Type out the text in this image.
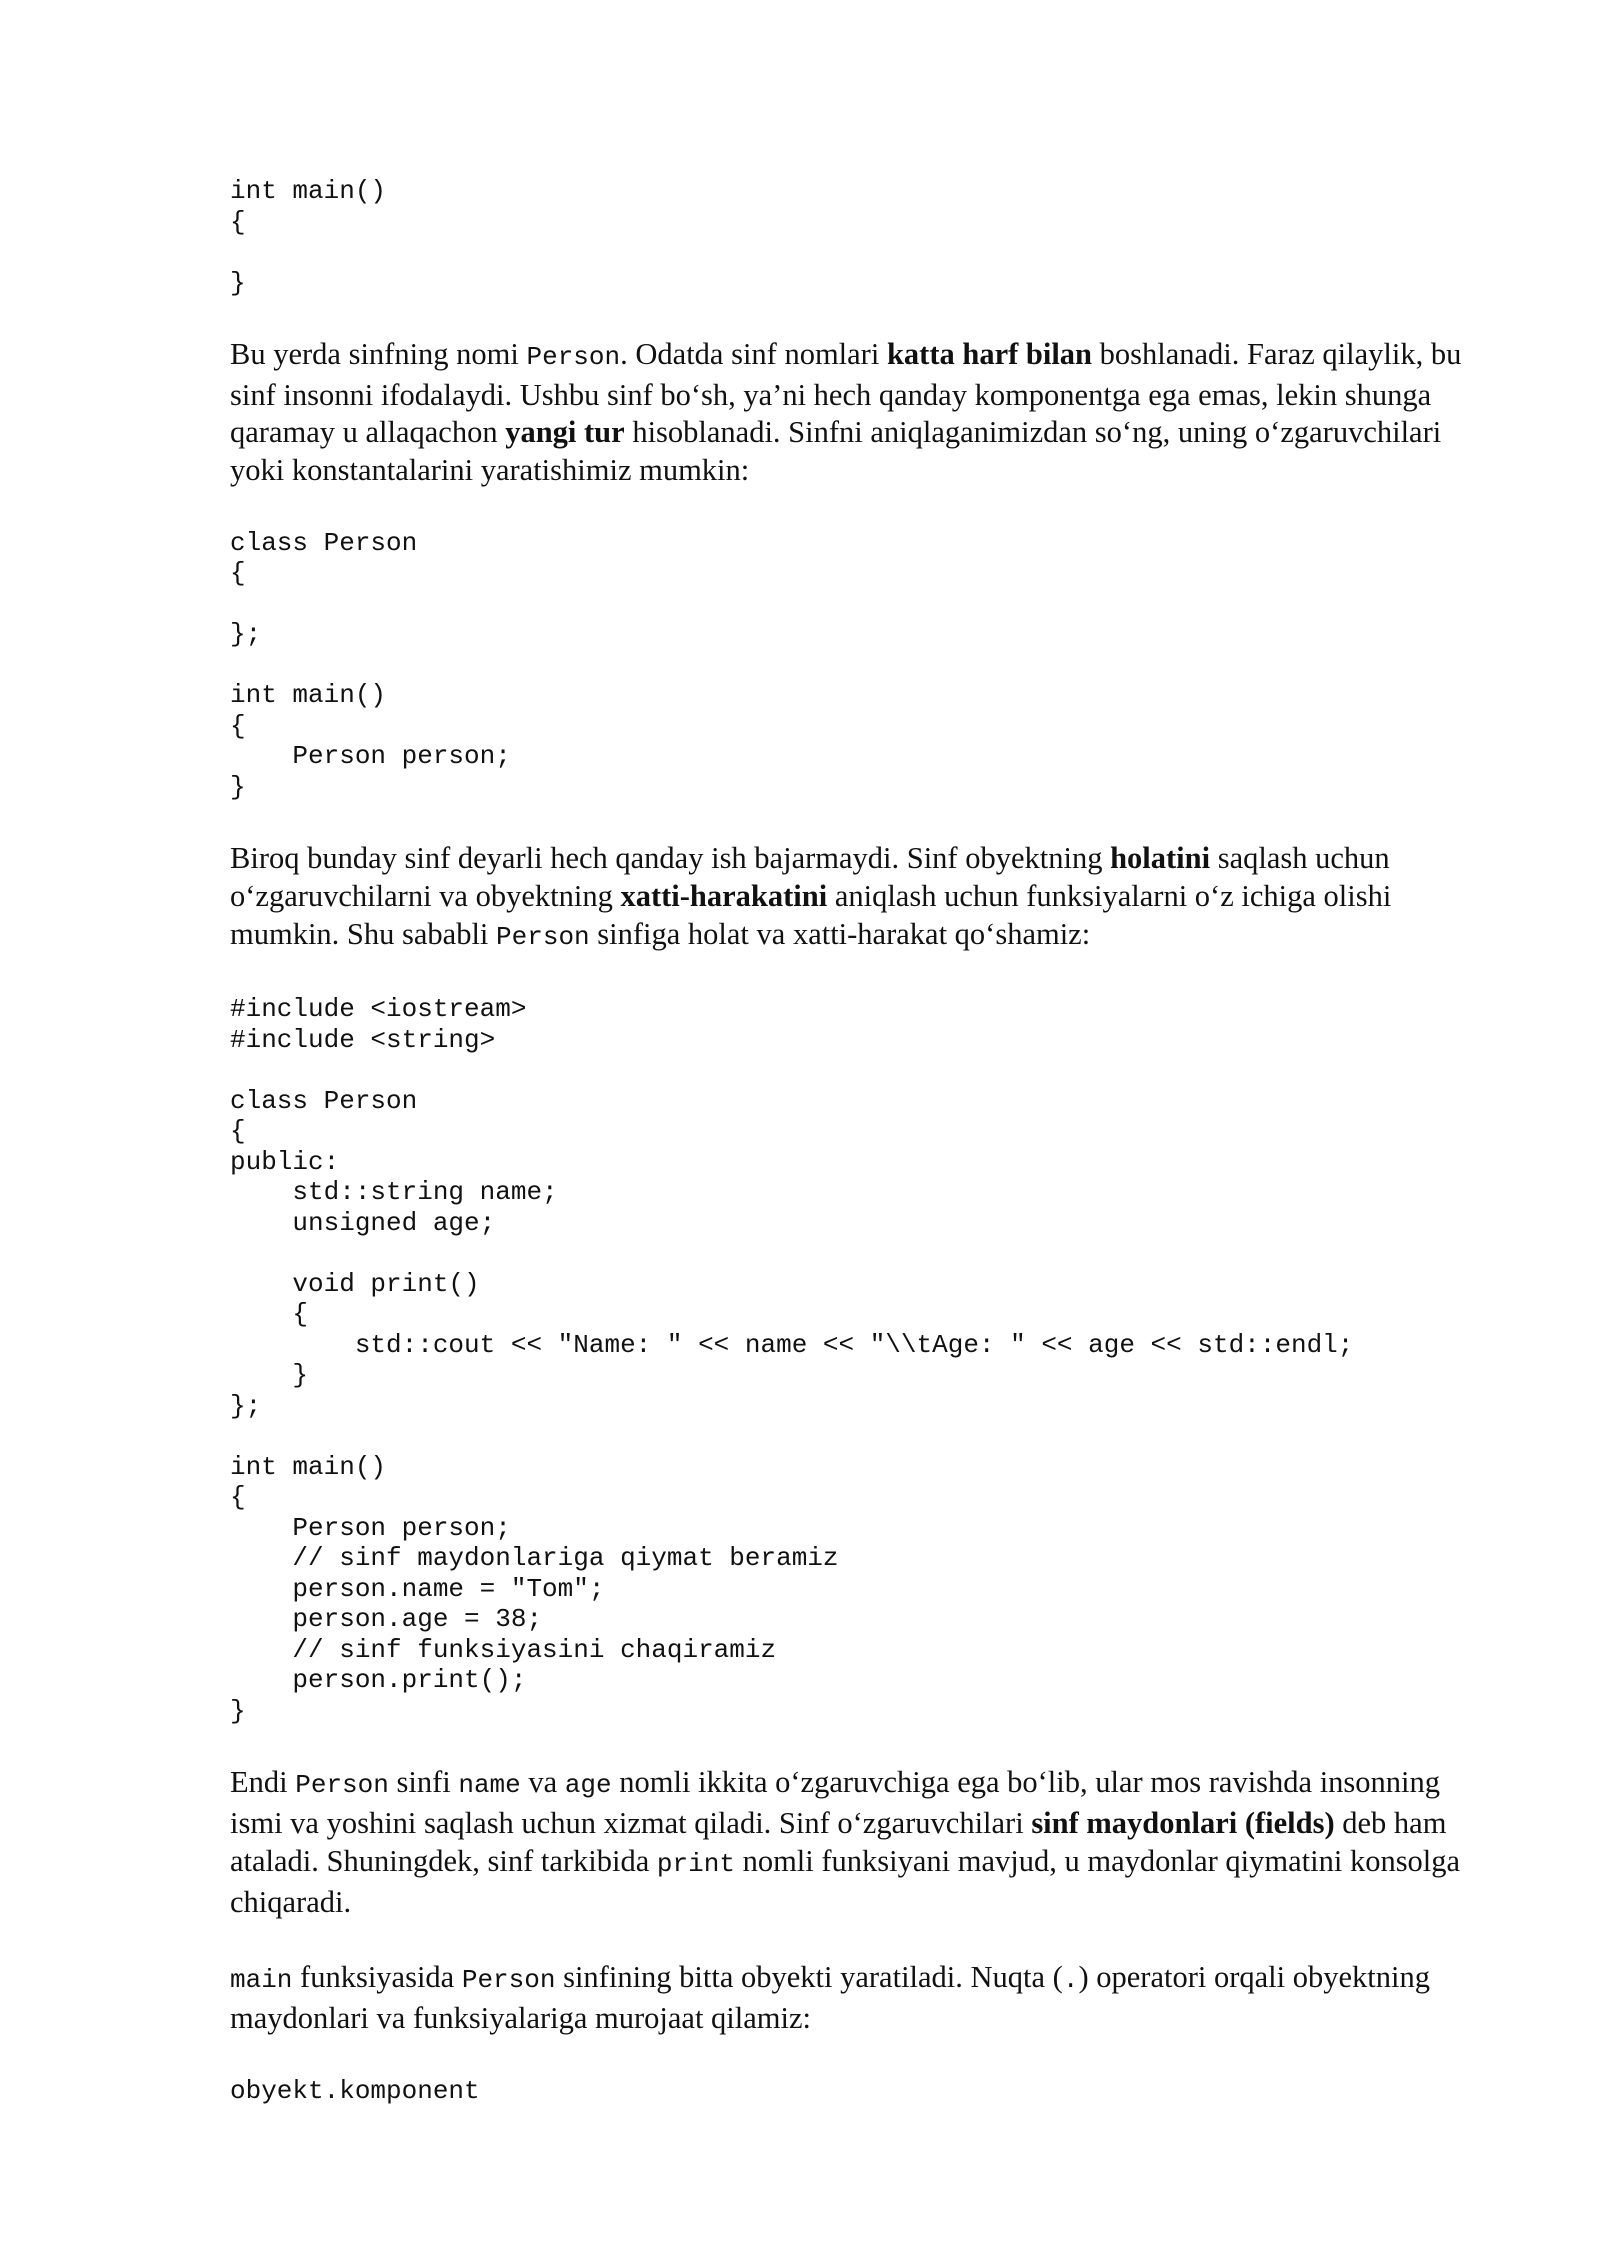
int main()
{

}

Bu yerda sinfning nomi Person. Odatda sinf nomlari katta harf bilan boshlanadi. Faraz qilaylik, bu sinf insonni ifodalaydi. Ushbu sinf bo‘sh, ya’ni hech qanday komponentga ega emas, lekin shunga qaramay u allaqachon yangi tur hisoblanadi. Sinfni aniqlaganimizdan so‘ng, uning o‘zgaruvchilari yoki konstantalarini yaratishimiz mumkin:

class Person
{

};

int main()
{
Person person;
}

Biroq bunday sinf deyarli hech qanday ish bajarmaydi. Sinf obyektning holatini saqlash uchun o‘zgaruvchilarni va obyektning xatti-harakatini aniqlash uchun funksiyalarni o‘z ichiga olishi mumkin. Shu sababli Person sinfiga holat va xatti-harakat qo‘shamiz:

#include <iostream>
#include <string>

class Person
{
public:
std::string name;
unsigned age;

void print()
{
std::cout << "Name: " << name << "\\tAge: " << age << std::endl;
}
};

int main()
{
Person person;
// sinf maydonlariga qiymat beramiz
person.name = "Tom";
person.age = 38;
// sinf funksiyasini chaqiramiz
person.print();
}

Endi Person sinfi name va age nomli ikkita o‘zgaruvchiga ega bo‘lib, ular mos ravishda insonning ismi va yoshini saqlash uchun xizmat qiladi. Sinf o‘zgaruvchilari sinf maydonlari (fields) deb ham ataladi. Shuningdek, sinf tarkibida print nomli funksiyani mavjud, u maydonlar qiymatini konsolga chiqaradi.

main funksiyasida Person sinfining bitta obyekti yaratiladi. Nuqta (.) operatori orqali obyektning maydonlari va funksiyalariga murojaat qilamiz:

obyekt.komponent
